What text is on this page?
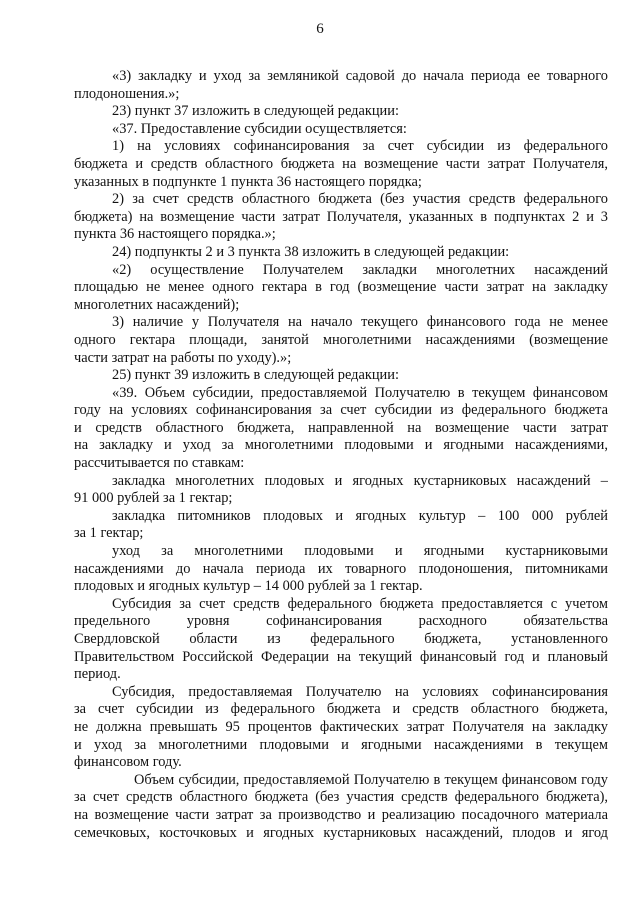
6
«3) закладку и уход за земляникой садовой до начала периода ее товарного
плодоношения.»;
23) пункт 37 изложить в следующей редакции:
«37. Предоставление субсидии осуществляется:
1) на условиях софинансирования за счет субсидии из федерального
бюджета и средств областного бюджета на возмещение части затрат Получателя,
указанных в подпункте 1 пункта 36 настоящего порядка;
2) за счет средств областного бюджета (без участия средств федерального
бюджета) на возмещение части затрат Получателя, указанных в подпунктах 2 и 3
пункта 36 настоящего порядка.»;
24) подпункты 2 и 3 пункта 38 изложить в следующей редакции:
«2) осуществление Получателем закладки многолетних насаждений
площадью не менее одного гектара в год (возмещение части затрат на закладку
многолетних насаждений);
3) наличие у Получателя на начало текущего финансового года не менее
одного гектара площади, занятой многолетними насаждениями (возмещение
части затрат на работы по уходу).»;
25) пункт 39 изложить в следующей редакции:
«39. Объем субсидии, предоставляемой Получателю в текущем финансовом
году на условиях софинансирования за счет субсидии из федерального бюджета
и средств областного бюджета, направленной на возмещение части затрат
на закладку и уход за многолетними плодовыми и ягодными насаждениями,
рассчитывается по ставкам:
закладка многолетних плодовых и ягодных кустарниковых насаждений –
91 000 рублей за 1 гектар;
закладка питомников плодовых и ягодных культур – 100 000 рублей
за 1 гектар;
уход за многолетними плодовыми и ягодными кустарниковыми
насаждениями до начала периода их товарного плодоношения, питомниками
плодовых и ягодных культур – 14 000 рублей за 1 гектар.
Субсидия за счет средств федерального бюджета предоставляется с учетом
предельного уровня софинансирования расходного обязательства
Свердловской области из федерального бюджета, установленного
Правительством Российской Федерации на текущий финансовый год и плановый
период.
Субсидия, предоставляемая Получателю на условиях софинансирования
за счет субсидии из федерального бюджета и средств областного бюджета,
не должна превышать 95 процентов фактических затрат Получателя на закладку
и уход за многолетними плодовыми и ягодными насаждениями в текущем
финансовом году.
Объем субсидии, предоставляемой Получателю в текущем финансовом году
за счет средств областного бюджета (без участия средств федерального бюджета),
на возмещение части затрат за производство и реализацию посадочного материала
семечковых, косточковых и ягодных кустарниковых насаждений, плодов и ягод
